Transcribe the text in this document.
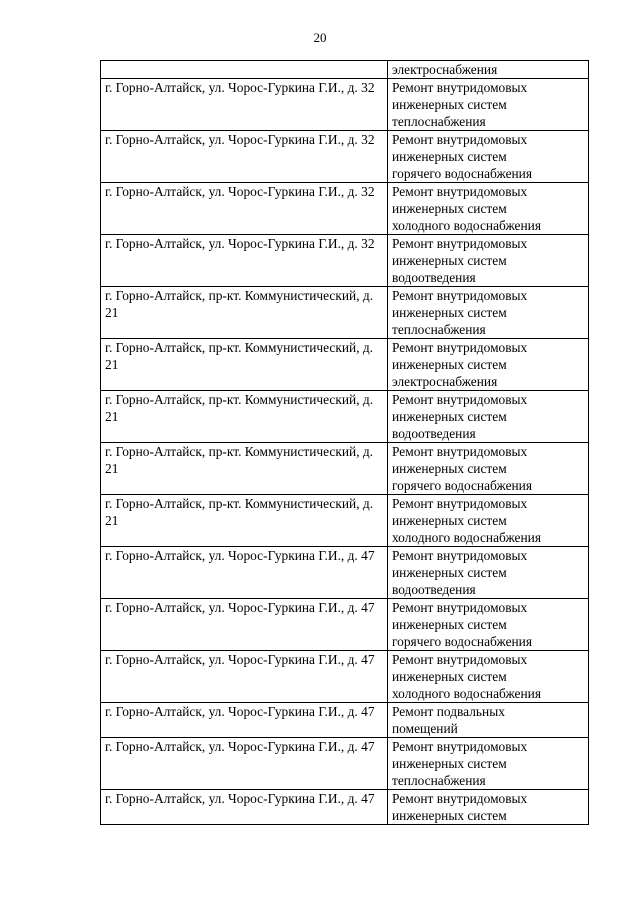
20
	электроснабжения
г. Горно-Алтайск, ул. Чорос-Гуркина Г.И., д. 32	Ремонт внутридомовых
инженерных систем
теплоснабжения
г. Горно-Алтайск, ул. Чорос-Гуркина Г.И., д. 32	Ремонт внутридомовых
инженерных систем
горячего водоснабжения
г. Горно-Алтайск, ул. Чорос-Гуркина Г.И., д. 32	Ремонт внутридомовых
инженерных систем
холодного водоснабжения
г. Горно-Алтайск, ул. Чорос-Гуркина Г.И., д. 32	Ремонт внутридомовых
инженерных систем
водоотведения
г. Горно-Алтайск, пр-кт. Коммунистический, д. 21	Ремонт внутридомовых
инженерных систем
теплоснабжения
г. Горно-Алтайск, пр-кт. Коммунистический, д. 21	Ремонт внутридомовых
инженерных систем
электроснабжения
г. Горно-Алтайск, пр-кт. Коммунистический, д. 21	Ремонт внутридомовых
инженерных систем
водоотведения
г. Горно-Алтайск, пр-кт. Коммунистический, д. 21	Ремонт внутридомовых
инженерных систем
горячего водоснабжения
г. Горно-Алтайск, пр-кт. Коммунистический, д. 21	Ремонт внутридомовых
инженерных систем
холодного водоснабжения
г. Горно-Алтайск, ул. Чорос-Гуркина Г.И., д. 47	Ремонт внутридомовых
инженерных систем
водоотведения
г. Горно-Алтайск, ул. Чорос-Гуркина Г.И., д. 47	Ремонт внутридомовых
инженерных систем
горячего водоснабжения
г. Горно-Алтайск, ул. Чорос-Гуркина Г.И., д. 47	Ремонт внутридомовых
инженерных систем
холодного водоснабжения
г. Горно-Алтайск, ул. Чорос-Гуркина Г.И., д. 47	Ремонт подвальных
помещений
г. Горно-Алтайск, ул. Чорос-Гуркина Г.И., д. 47	Ремонт внутридомовых
инженерных систем
теплоснабжения
г. Горно-Алтайск, ул. Чорос-Гуркина Г.И., д. 47	Ремонт внутридомовых
инженерных систем
